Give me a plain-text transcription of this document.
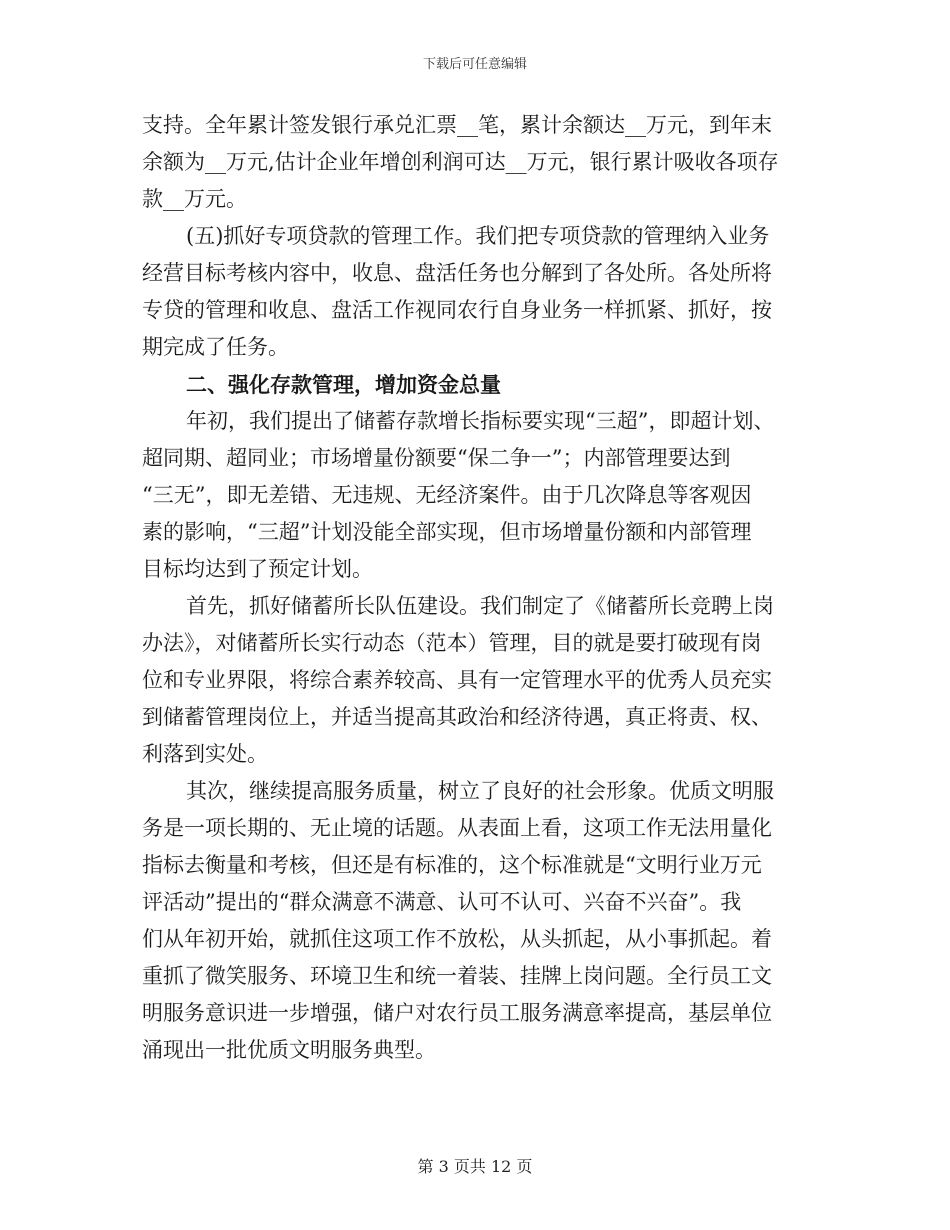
下载后可任意编辑
支持。全年累计签发银行承兑汇票__笔，累计余额达__万元，到年末
余额为__万元,估计企业年增创利润可达__万元，银行累计吸收各项存
款__万元。
(五)抓好专项贷款的管理工作。我们把专项贷款的管理纳入业务
经营目标考核内容中，收息、盘活任务也分解到了各处所。各处所将
专贷的管理和收息、盘活工作视同农行自身业务一样抓紧、抓好，按
期完成了任务。
二、强化存款管理，增加资金总量
年初，我们提出了储蓄存款增长指标要实现“三超”，即超计划、
超同期、超同业；市场增量份额要“保二争一”；内部管理要达到
“三无”，即无差错、无违规、无经济案件。由于几次降息等客观因
素的影响，“三超”计划没能全部实现，但市场增量份额和内部管理
目标均达到了预定计划。
首先，抓好储蓄所长队伍建设。我们制定了《储蓄所长竞聘上岗
办法》，对储蓄所长实行动态（范本）管理，目的就是要打破现有岗
位和专业界限，将综合素养较高、具有一定管理水平的优秀人员充实
到储蓄管理岗位上，并适当提高其政治和经济待遇，真正将责、权、
利落到实处。
其次，继续提高服务质量，树立了良好的社会形象。优质文明服
务是一项长期的、无止境的话题。从表面上看，这项工作无法用量化
指标去衡量和考核，但还是有标准的，这个标准就是“文明行业万元
评活动”提出的“群众满意不满意、认可不认可、兴奋不兴奋”。我
们从年初开始，就抓住这项工作不放松，从头抓起，从小事抓起。着
重抓了微笑服务、环境卫生和统一着装、挂牌上岗问题。全行员工文
明服务意识进一步增强，储户对农行员工服务满意率提高，基层单位
涌现出一批优质文明服务典型。
第 3 页共 12 页
